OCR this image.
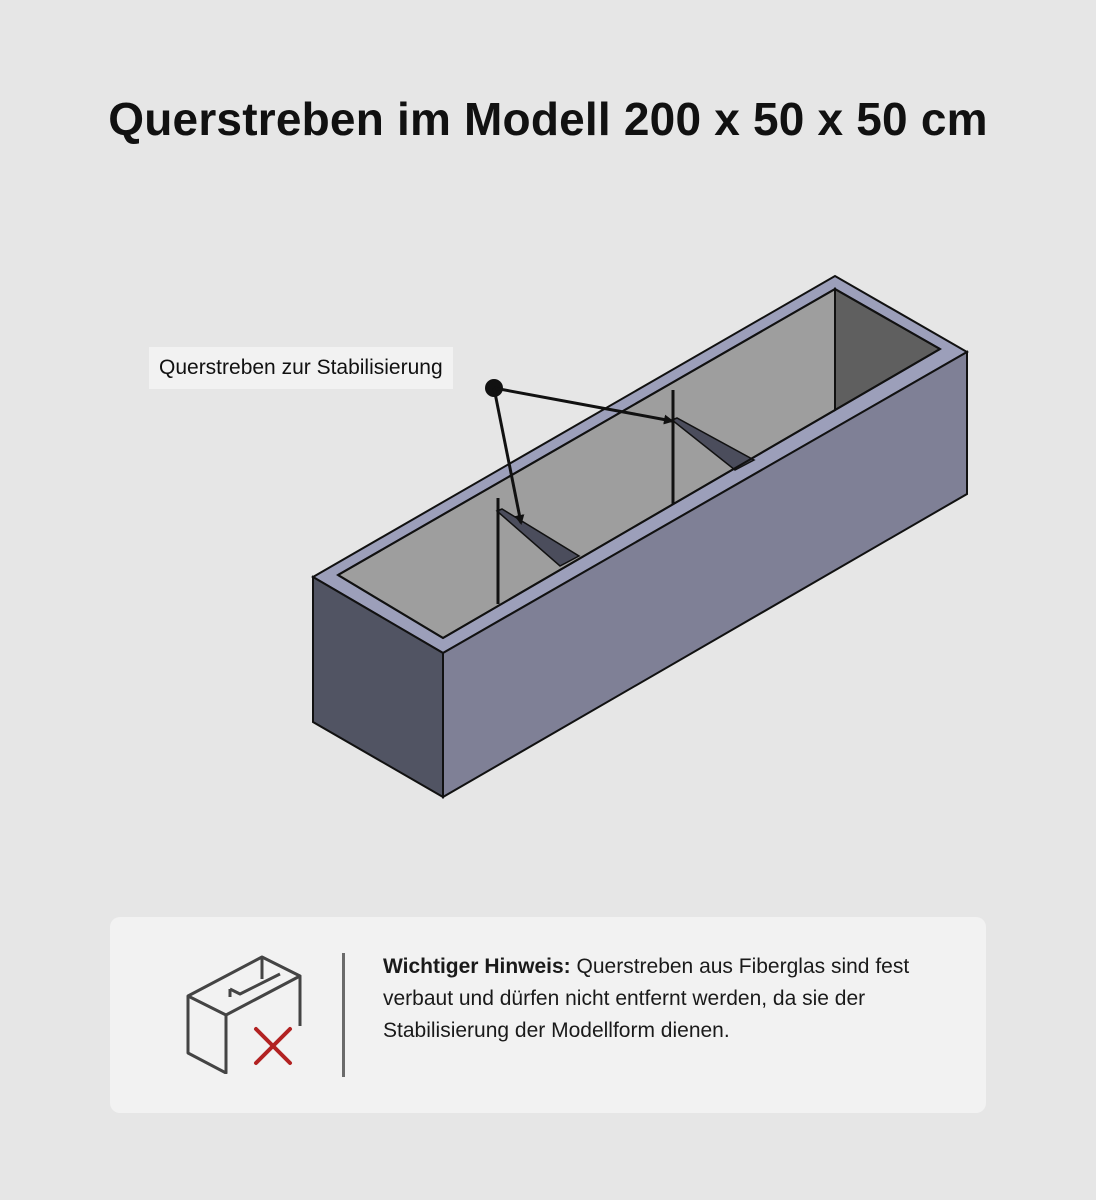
Querstreben im Modell 200 x 50 x 50 cm
Querstreben zur Stabilisierung
Wichtiger Hinweis: Querstreben aus Fiberglas sind fest verbaut und dürfen nicht entfernt werden, da sie der Stabilisierung der Modellform dienen.
